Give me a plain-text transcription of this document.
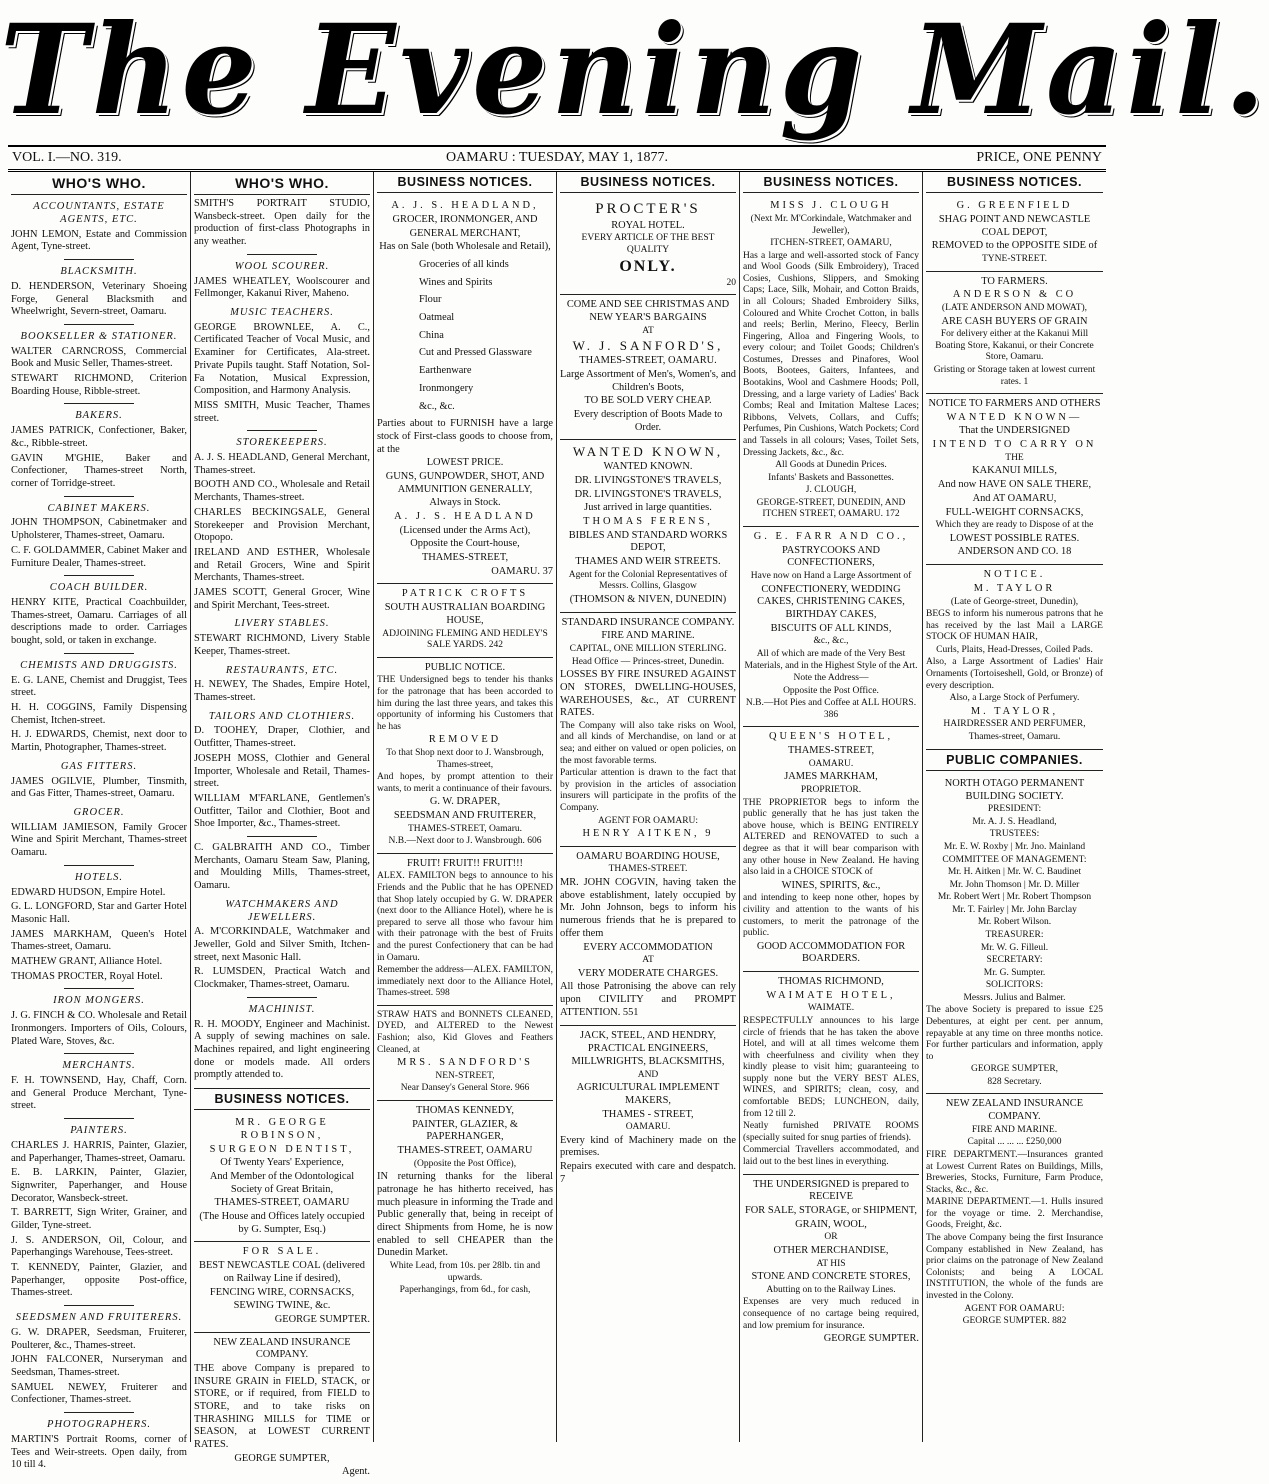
The Evening Mail.
VOL. I.—NO. 319.	OAMARU : TUESDAY, MAY 1, 1877.	PRICE, ONE PENNY
WHO'S WHO.
ACCOUNTANTS, ESTATE AGENTS, ETC.
JOHN LEMON, Estate and Commission Agent, Tyne-street.
BLACKSMITH.
D. HENDERSON, Veterinary Shoeing Forge, General Blacksmith and Wheelwright, Severn-street, Oamaru.
BOOKSELLER & STATIONER.
WALTER CARNCROSS, Commercial Book and Music Seller, Thames-street.
STEWART RICHMOND, Criterion Boarding House, Ribble-street.
BAKERS.
JAMES PATRICK, Confectioner, Baker, &c., Ribble-street.
GAVIN M'GHIE, Baker and Confectioner, Thames-street North, corner of Torridge-street.
CABINET MAKERS.
JOHN THOMPSON, Cabinetmaker and Upholsterer, Thames-street, Oamaru.
C. F. GOLDAMMER, Cabinet Maker and Furniture Dealer, Thames-street.
COACH BUILDER.
HENRY KITE, Practical Coachbuilder, Thames-street, Oamaru. Carriages of all descriptions made to order. Carriages bought, sold, or taken in exchange.
CHEMISTS AND DRUGGISTS.
E. G. LANE, Chemist and Druggist, Tees street.
H. H. COGGINS, Family Dispensing Chemist, Itchen-street.
H. J. EDWARDS, Chemist, next door to Martin, Photographer, Thames-street.
GAS FITTERS.
JAMES OGILVIE, Plumber, Tinsmith, and Gas Fitter, Thames-street, Oamaru.
GROCER.
WILLIAM JAMIESON, Family Grocer Wine and Spirit Merchant, Thames-street Oamaru.
HOTELS.
EDWARD HUDSON, Empire Hotel.
G. L. LONGFORD, Star and Garter Hotel Masonic Hall.
JAMES MARKHAM, Queen's Hotel Thames-street, Oamaru.
MATHEW GRANT, Alliance Hotel.
THOMAS PROCTER, Royal Hotel.
IRON MONGERS.
J. G. FINCH & CO. Wholesale and Retail Ironmongers. Importers of Oils, Colours, Plated Ware, Stoves, &c.
MERCHANTS.
F. H. TOWNSEND, Hay, Chaff, Corn. and General Produce Merchant, Tyne-street.
PAINTERS.
CHARLES J. HARRIS, Painter, Glazier, and Paperhanger, Thames-street, Oamaru.
E. B. LARKIN, Painter, Glazier, Signwriter, Paperhanger, and House Decorator, Wansbeck-street.
T. BARRETT, Sign Writer, Grainer, and Gilder, Tyne-street.
J. S. ANDERSON, Oil, Colour, and Paperhangings Warehouse, Tees-street.
T. KENNEDY, Painter, Glazier, and Paperhanger, opposite Post-office, Thames-street.
SEEDSMEN AND FRUITERERS.
G. W. DRAPER, Seedsman, Fruiterer, Poulterer, &c., Thames-street.
JOHN FALCONER, Nurseryman and Seedsman, Thames-street.
SAMUEL NEWEY, Fruiterer and Confectioner, Thames-street.
PHOTOGRAPHERS.
MARTIN'S Portrait Rooms, corner of Tees and Weir-streets. Open daily, from 10 till 4.
WHO'S WHO.
SMITH'S PORTRAIT STUDIO, Wansbeck-street. Open daily for the production of first-class Photographs in any weather.
WOOL SCOURER.
JAMES WHEATLEY, Woolscourer and Fellmonger, Kakanui River, Maheno.
MUSIC TEACHERS.
GEORGE BROWNLEE, A. C., Certificated Teacher of Vocal Music, and Examiner for Certificates, Ala-street. Private Pupils taught. Staff Notation, Sol-Fa Notation, Musical Expression, Composition, and Harmony Analysis.
MISS SMITH, Music Teacher, Thames street.
STOREKEEPERS.
A. J. S. HEADLAND, General Merchant, Thames-street.
BOOTH AND CO., Wholesale and Retail Merchants, Thames-street.
CHARLES BECKINGSALE, General Storekeeper and Provision Merchant, Otopopo.
IRELAND AND ESTHER, Wholesale and Retail Grocers, Wine and Spirit Merchants, Thames-street.
JAMES SCOTT, General Grocer, Wine and Spirit Merchant, Tees-street.
LIVERY STABLES.
STEWART RICHMOND, Livery Stable Keeper, Thames-street.
RESTAURANTS, ETC.
H. NEWEY, The Shades, Empire Hotel, Thames-street.
TAILORS AND CLOTHIERS.
D. TOOHEY, Draper, Clothier, and Outfitter, Thames-street.
JOSEPH MOSS, Clothier and General Importer, Wholesale and Retail, Thames-street.
WILLIAM M'FARLANE, Gentlemen's Outfitter, Tailor and Clothier, Boot and Shoe Importer, &c., Thames-street.
C. GALBRAITH AND CO., Timber Merchants, Oamaru Steam Saw, Planing, and Moulding Mills, Thames-street, Oamaru.
WATCHMAKERS AND JEWELLERS.
A. M'CORKINDALE, Watchmaker and Jeweller, Gold and Silver Smith, Itchen-street, next Masonic Hall.
R. LUMSDEN, Practical Watch and Clockmaker, Thames-street, Oamaru.
MACHINIST.
R. H. MOODY, Engineer and Machinist. A supply of sewing machines on sale. Machines repaired, and light engineering done or models made. All orders promptly attended to.
BUSINESS NOTICES.
MR. GEORGE ROBINSON,
SURGEON DENTIST,
Of Twenty Years' Experience,
And Member of the Odontological Society of Great Britain,
THAMES-STREET, OAMARU
(The House and Offices lately occupied by G. Sumpter, Esq.)
FOR SALE.
BEST NEWCASTLE COAL (delivered on Railway Line if desired),
FENCING WIRE, CORNSACKS,
SEWING TWINE, &c.
GEORGE SUMPTER.
NEW ZEALAND INSURANCE COMPANY.
THE above Company is prepared to INSURE GRAIN in FIELD, STACK, or STORE, or if required, from FIELD to STORE, and to take risks on THRASHING MILLS for TIME or SEASON, at LOWEST CURRENT RATES.
GEORGE SUMPTER,
Agent.
BUSINESS NOTICES.
A. J. S. HEADLAND,
GROCER, IRONMONGER, AND
GENERAL MERCHANT,
Has on Sale (both Wholesale and Retail),
Groceries of all kinds
Wines and Spirits
Flour
Oatmeal
China
Cut and Pressed Glassware
Earthenware
Ironmongery
&c., &c.
Parties about to FURNISH have a large stock of First-class goods to choose from, at the
LOWEST PRICE.
GUNS, GUNPOWDER, SHOT, AND AMMUNITION GENERALLY,
Always in Stock.
A. J. S. HEADLAND
(Licensed under the Arms Act),
Opposite the Court-house,
THAMES-STREET,
OAMARU. 37
PATRICK CROFTS
SOUTH AUSTRALIAN BOARDING HOUSE,
ADJOINING FLEMING AND HEDLEY'S SALE YARDS. 242
PUBLIC NOTICE.
THE Undersigned begs to tender his thanks for the patronage that has been accorded to him during the last three years, and takes this opportunity of informing his Customers that he has
REMOVED
To that Shop next door to J. Wansbrough, Thames-street,
And hopes, by prompt attention to their wants, to merit a continuance of their favours.
G. W. DRAPER,
SEEDSMAN AND FRUITERER,
THAMES-STREET, Oamaru.
N.B.—Next door to J. Wansbrough. 606
FRUIT! FRUIT!! FRUIT!!!
ALEX. FAMILTON begs to announce to his Friends and the Public that he has OPENED that Shop lately occupied by G. W. DRAPER (next door to the Alliance Hotel), where he is prepared to serve all those who favour him with their patronage with the best of Fruits and the purest Confectionery that can be had in Oamaru.
Remember the address—ALEX. FAMILTON, immediately next door to the Alliance Hotel, Thames-street. 598
STRAW HATS and BONNETS CLEANED, DYED, and ALTERED to the Newest Fashion; also, Kid Gloves and Feathers Cleaned, at
MRS. SANDFORD'S
NEN-STREET,
Near Dansey's General Store. 966
THOMAS KENNEDY,
PAINTER, GLAZIER, & PAPERHANGER,
THAMES-STREET, OAMARU
(Opposite the Post Office),
IN returning thanks for the liberal patronage he has hitherto received, has much pleasure in informing the Trade and Public generally that, being in receipt of direct Shipments from Home, he is now enabled to sell CHEAPER than the Dunedin Market.
White Lead, from 10s. per 28lb. tin and upwards.
Paperhangings, from 6d., for cash,
BUSINESS NOTICES.
PROCTER'S
ROYAL HOTEL.
EVERY ARTICLE OF THE BEST QUALITY
ONLY.
20
COME AND SEE CHRISTMAS AND NEW YEAR'S BARGAINS
AT
W. J. SANFORD'S,
THAMES-STREET, OAMARU.
Large Assortment of Men's, Women's, and Children's Boots,
TO BE SOLD VERY CHEAP.
Every description of Boots Made to Order.
WANTED KNOWN,
WANTED KNOWN.
DR. LIVINGSTONE'S TRAVELS,
DR. LIVINGSTONE'S TRAVELS,
Just arrived in large quantities.
THOMAS FERENS,
BIBLES AND STANDARD WORKS DEPOT,
THAMES AND WEIR STREETS.
Agent for the Colonial Representatives of Messrs. Collins, Glasgow
(THOMSON & NIVEN, DUNEDIN)
STANDARD INSURANCE COMPANY.
FIRE AND MARINE.
CAPITAL, ONE MILLION STERLING.
Head Office — Princes-street, Dunedin.
LOSSES BY FIRE INSURED AGAINST ON STORES, DWELLING-HOUSES, WAREHOUSES, &c., AT CURRENT RATES.
The Company will also take risks on Wool, and all kinds of Merchandise, on land or at sea; and either on valued or open policies, on the most favorable terms.
Particular attention is drawn to the fact that by provision in the articles of association insurers will participate in the profits of the Company.
AGENT FOR OAMARU:
HENRY AITKEN, 9
OAMARU BOARDING HOUSE,
THAMES-STREET.
MR. JOHN COGVIN, having taken the above establishment, lately occupied by Mr. John Johnson, begs to inform his numerous friends that he is prepared to offer them
EVERY ACCOMMODATION
AT
VERY MODERATE CHARGES.
All those Patronising the above can rely upon CIVILITY and PROMPT ATTENTION. 551
JACK, STEEL, AND HENDRY,
PRACTICAL ENGINEERS, MILLWRIGHTS, BLACKSMITHS,
AND
AGRICULTURAL IMPLEMENT MAKERS,
THAMES - STREET,
OAMARU.
Every kind of Machinery made on the premises.
Repairs executed with care and despatch. 7
BUSINESS NOTICES.
MISS J. CLOUGH
(Next Mr. M'Corkindale, Watchmaker and Jeweller),
ITCHEN-STREET, OAMARU,
Has a large and well-assorted stock of Fancy and Wool Goods (Silk Embroidery), Traced Cosies, Cushions, Slippers, and Smoking Caps; Lace, Silk, Mohair, and Cotton Braids, in all Colours; Shaded Embroidery Silks, Coloured and White Crochet Cotton, in balls and reels; Berlin, Merino, Fleecy, Berlin Fingering, Alloa and Fingering Wools, to every colour; and Toilet Goods; Children's Costumes, Dresses and Pinafores, Wool Boots, Bootees, Gaiters, Infantees, and Bootakins, Wool and Cashmere Hoods; Poll, Dressing, and a large variety of Ladies' Back Combs; Real and Imitation Maltese Laces; Ribbons, Velvets, Collars, and Cuffs; Perfumes, Pin Cushions, Watch Pockets; Cord and Tassels in all colours; Vases, Toilet Sets, Dressing Jackets, &c., &c.
All Goods at Dunedin Prices.
Infants' Baskets and Bassonettes.
J. CLOUGH,
GEORGE-STREET, DUNEDIN, AND ITCHEN STREET, OAMARU. 172
G. E. FARR AND CO.,
PASTRYCOOKS AND CONFECTIONERS,
Have now on Hand a Large Assortment of
CONFECTIONERY, WEDDING CAKES, CHRISTENING CAKES, BIRTHDAY CAKES,
BISCUITS OF ALL KINDS,
&c., &c.,
All of which are made of the Very Best Materials, and in the Highest Style of the Art.
Note the Address—
Opposite the Post Office.
N.B.—Hot Pies and Coffee at ALL HOURS. 386
QUEEN'S HOTEL,
THAMES-STREET,
OAMARU.
JAMES MARKHAM,
PROPRIETOR.
THE PROPRIETOR begs to inform the public generally that he has just taken the above house, which is BEING ENTIRELY ALTERED and RENOVATED to such a degree as that it will bear comparison with any other house in New Zealand. He having also laid in a CHOICE STOCK of
WINES, SPIRITS, &c.,
and intending to keep none other, hopes by civility and attention to the wants of his customers, to merit the patronage of the public.
GOOD ACCOMMODATION FOR BOARDERS.
THOMAS RICHMOND,
WAIMATE HOTEL,
WAIMATE.
RESPECTFULLY announces to his large circle of friends that he has taken the above Hotel, and will at all times welcome them with cheerfulness and civility when they kindly please to visit him; guaranteeing to supply none but the VERY BEST ALES, WINES, and SPIRITS; clean, cosy, and comfortable BEDS; LUNCHEON, daily, from 12 till 2.
Neatly furnished PRIVATE ROOMS (specially suited for snug parties of friends).
Commercial Travellers accommodated, and laid out to the best lines in everything.
THE UNDERSIGNED is prepared to RECEIVE
FOR SALE, STORAGE, or SHIPMENT,
GRAIN, WOOL,
OR
OTHER MERCHANDISE,
AT HIS
STONE AND CONCRETE STORES,
Abutting on to the Railway Lines.
Expenses are very much reduced in consequence of no cartage being required, and low premium for insurance.
GEORGE SUMPTER.
BUSINESS NOTICES.
G. GREENFIELD
SHAG POINT AND NEWCASTLE COAL DEPOT,
REMOVED to the OPPOSITE SIDE of
TYNE-STREET.
TO FARMERS.
ANDERSON & CO
(LATE ANDERSON AND MOWAT),
ARE CASH BUYERS OF GRAIN
For delivery either at the Kakanui Mill Boating Store, Kakanui, or their Concrete Store, Oamaru.
Gristing or Storage taken at lowest current rates. 1
NOTICE TO FARMERS AND OTHERS
WANTED KNOWN—
That the UNDERSIGNED
INTEND TO CARRY ON
THE
KAKANUI MILLS,
And now HAVE ON SALE THERE,
And AT OAMARU,
FULL-WEIGHT CORNSACKS,
Which they are ready to Dispose of at the
LOWEST POSSIBLE RATES.
ANDERSON AND CO. 18
NOTICE.
M. TAYLOR
(Late of George-street, Dunedin),
BEGS to inform his numerous patrons that he has received by the last Mail a LARGE STOCK OF HUMAN HAIR,
Curls, Plaits, Head-Dresses, Coiled Pads.
Also, a Large Assortment of Ladies' Hair Ornaments (Tortoiseshell, Gold, or Bronze) of every description.
Also, a Large Stock of Perfumery.
M. TAYLOR,
HAIRDRESSER AND PERFUMER,
Thames-street, Oamaru.
PUBLIC COMPANIES.
NORTH OTAGO PERMANENT BUILDING SOCIETY.
PRESIDENT:
Mr. A. J. S. Headland,
TRUSTEES:
Mr. E. W. Roxby | Mr. Jno. Mainland
COMMITTEE OF MANAGEMENT:
Mr. H. Aitken | Mr. W. C. Baudinet
Mr. John Thomson | Mr. D. Miller
Mr. Robert Wert | Mr. Robert Thompson
Mr. T. Fairley | Mr. John Barclay
Mr. Robert Wilson.
TREASURER:
Mr. W. G. Filleul.
SECRETARY:
Mr. G. Sumpter.
SOLICITORS:
Messrs. Julius and Balmer.
The above Society is prepared to issue £25 Debentures, at eight per cent. per annum, repayable at any time on three months notice. For further particulars and information, apply to
GEORGE SUMPTER,
828 Secretary.
NEW ZEALAND INSURANCE COMPANY.
FIRE AND MARINE.
Capital ... ... ... £250,000
FIRE DEPARTMENT.—Insurances granted at Lowest Current Rates on Buildings, Mills, Breweries, Stocks, Furniture, Farm Produce, Stacks, &c., &c.
MARINE DEPARTMENT.—1. Hulls insured for the voyage or time. 2. Merchandise, Goods, Freight, &c.
The above Company being the first Insurance Company established in New Zealand, has prior claims on the patronage of New Zealand Colonists; and being A LOCAL INSTITUTION, the whole of the funds are invested in the Colony.
AGENT FOR OAMARU:
GEORGE SUMPTER. 882
